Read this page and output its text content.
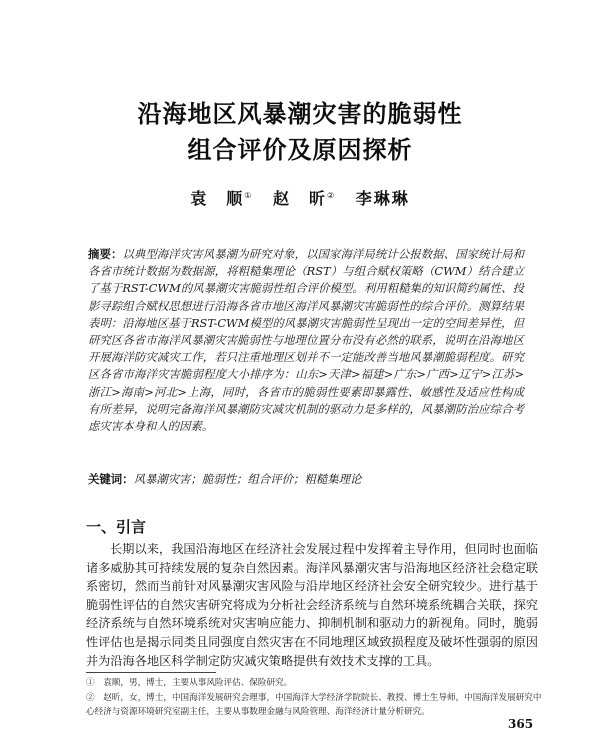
沿海地区风暴潮灾害的脆弱性
组合评价及原因探析
袁　顺① 赵　昕② 李琳琳
摘要：以典型海洋灾害风暴潮为研究对象，以国家海洋局统计公报数据、国家统计局和各省市统计数据为数据源，将粗糙集理论（RST）与组合赋权策略（CWM）结合建立了基于RST-CWM的风暴潮灾害脆弱性组合评价模型。利用粗糙集的知识简约属性、投影寻踪组合赋权思想进行沿海各省市地区海洋风暴潮灾害脆弱性的综合评价。测算结果表明：沿海地区基于RST-CWM模型的风暴潮灾害脆弱性呈现出一定的空间差异性，但研究区各省市海洋风暴潮灾害脆弱性与地理位置分布没有必然的联系，说明在沿海地区开展海洋防灾减灾工作，若只注重地理区划并不一定能改善当地风暴潮脆弱程度。研究区各省市海洋灾害脆弱程度大小排序为：山东>天津>福建>广东>广西>辽宁>江苏>浙江>海南>河北>上海，同时，各省市的脆弱性要素即暴露性、敏感性及适应性构成有所差异，说明完备海洋风暴潮防灾减灾机制的驱动力是多样的，风暴潮防治应综合考虑灾害本身和人的因素。
关键词：风暴潮灾害；脆弱性；组合评价；粗糙集理论
一、引言
长期以来，我国沿海地区在经济社会发展过程中发挥着主导作用，但同时也面临诸多威胁其可持续发展的复杂自然因素。海洋风暴潮灾害与沿海地区经济社会稳定联系密切，然而当前针对风暴潮灾害风险与沿岸地区经济社会安全研究较少。进行基于脆弱性评估的自然灾害研究将成为分析社会经济系统与自然环境系统耦合关联，探究经济系统与自然环境系统对灾害响应能力、抑制机制和驱动力的新视角。同时，脆弱性评估也是揭示同类且同强度自然灾害在不同地理区域致损程度及破坏性强弱的原因并为沿海各地区科学制定防灾减灾策略提供有效技术支撑的工具。

①　袁顺，男，博士，主要从事风险评估、保险研究。

②　赵昕，女，博士，中国海洋发展研究会理事，中国海洋大学经济学院院长、教授、博士生导师，中国海洋发展研究中心经济与资源环境研究室副主任，主要从事数理金融与风险管理、海洋经济计量分析研究。

365
